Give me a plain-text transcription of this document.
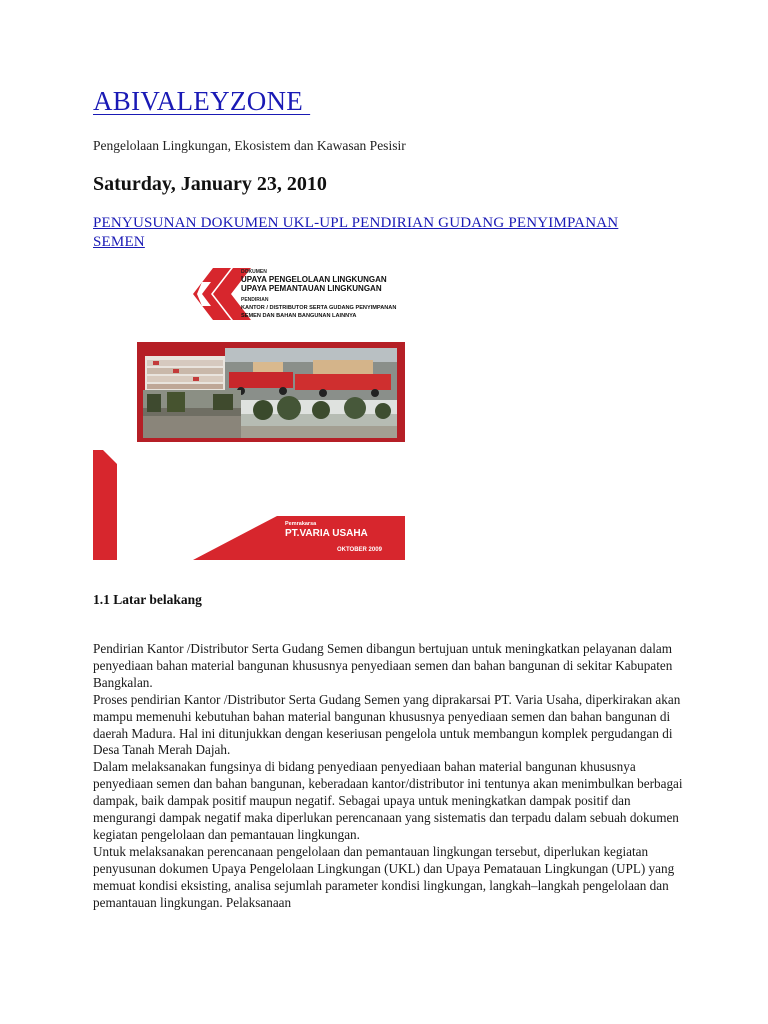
ABIVALEYZONE
Pengelolaan Lingkungan, Ekosistem dan Kawasan Pesisir
Saturday, January 23, 2010
PENYUSUNAN DOKUMEN UKL-UPL PENDIRIAN GUDANG PENYIMPANAN SEMEN
DOKUMEN
UPAYA PENGELOLAAN LINGKUNGAN
UPAYA PEMANTAUAN LINGKUNGAN
PENDIRIAN
KANTOR / DISTRIBUTOR SERTA GUDANG PENYIMPANAN
SEMEN DAN BAHAN BANGUNAN LAINNYA
Pemrakarsa
PT.VARIA USAHA
OKTOBER 2009
1.1 Latar belakang

Pendirian Kantor /Distributor Serta Gudang Semen dibangun bertujuan untuk meningkatkan pelayanan dalam penyediaan bahan material bangunan khususnya penyediaan semen dan bahan bangunan di sekitar Kabupaten Bangkalan.

Proses pendirian Kantor /Distributor Serta Gudang Semen yang diprakarsai PT. Varia Usaha, diperkirakan akan mampu memenuhi kebutuhan bahan material bangunan khususnya penyediaan semen dan bahan bangunan di daerah Madura. Hal ini ditunjukkan dengan keseriusan pengelola untuk membangun komplek pergudangan di Desa Tanah Merah Dajah.

Dalam melaksanakan fungsinya di bidang penyediaan penyediaan bahan material bangunan khususnya penyediaan semen dan bahan bangunan, keberadaan kantor/distributor ini tentunya akan menimbulkan berbagai dampak, baik dampak positif maupun negatif. Sebagai upaya untuk meningkatkan dampak positif dan mengurangi dampak negatif maka diperlukan perencanaan yang sistematis dan terpadu dalam sebuah dokumen kegiatan pengelolaan dan pemantauan lingkungan.

Untuk melaksanakan perencanaan pengelolaan dan pemantauan lingkungan tersebut, diperlukan kegiatan penyusunan dokumen Upaya Pengelolaan Lingkungan (UKL) dan Upaya Pematauan Lingkungan (UPL) yang memuat kondisi eksisting, analisa sejumlah parameter kondisi lingkungan, langkah–langkah pengelolaan dan pemantauan lingkungan. Pelaksanaan
